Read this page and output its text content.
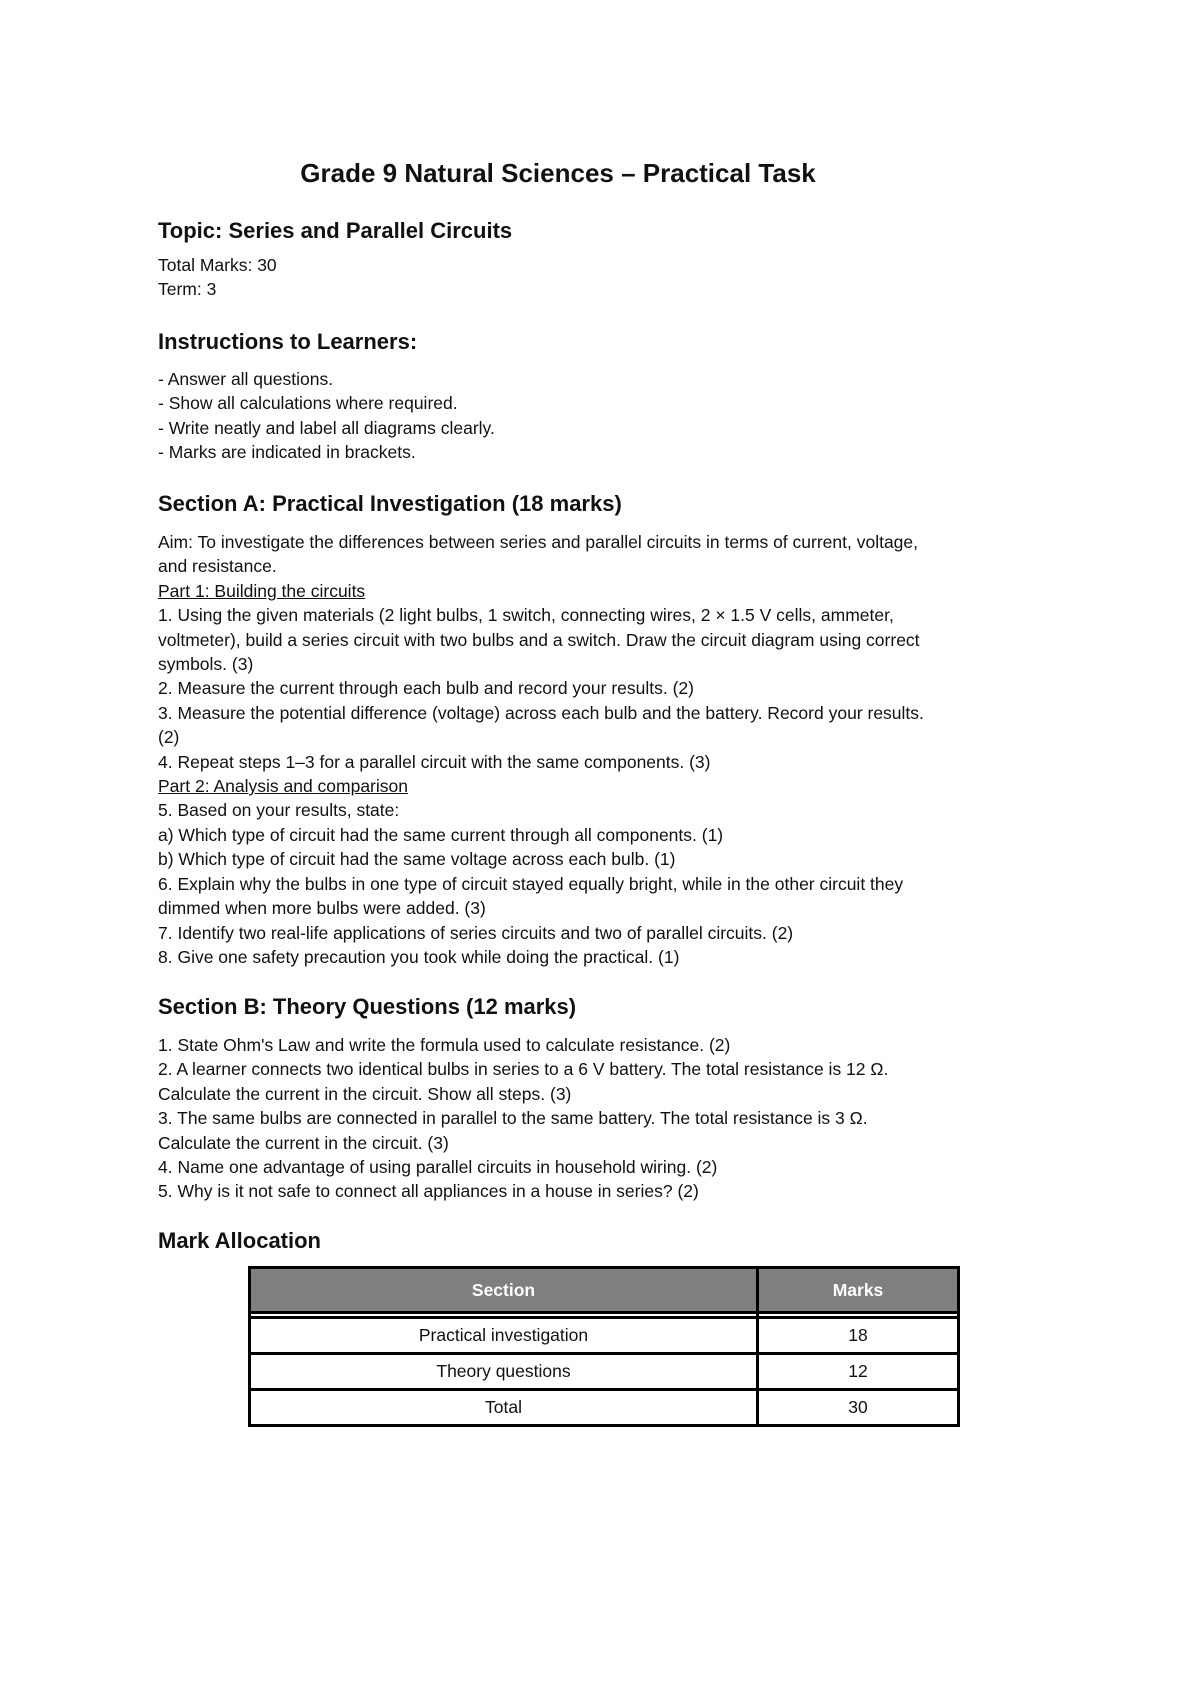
Grade 9 Natural Sciences – Practical Task
Topic: Series and Parallel Circuits
Total Marks: 30
Term: 3
Instructions to Learners:
- Answer all questions.
- Show all calculations where required.
- Write neatly and label all diagrams clearly.
- Marks are indicated in brackets.
Section A: Practical Investigation (18 marks)
Aim: To investigate the differences between series and parallel circuits in terms of current, voltage,
and resistance.
Part 1: Building the circuits
1. Using the given materials (2 light bulbs, 1 switch, connecting wires, 2 × 1.5 V cells, ammeter,
voltmeter), build a series circuit with two bulbs and a switch. Draw the circuit diagram using correct
symbols. (3)
2. Measure the current through each bulb and record your results. (2)
3. Measure the potential difference (voltage) across each bulb and the battery. Record your results.
(2)
4. Repeat steps 1–3 for a parallel circuit with the same components. (3)
Part 2: Analysis and comparison
5. Based on your results, state:
a) Which type of circuit had the same current through all components. (1)
b) Which type of circuit had the same voltage across each bulb. (1)
6. Explain why the bulbs in one type of circuit stayed equally bright, while in the other circuit they
dimmed when more bulbs were added. (3)
7. Identify two real-life applications of series circuits and two of parallel circuits. (2)
8. Give one safety precaution you took while doing the practical. (1)
Section B: Theory Questions (12 marks)
1. State Ohm's Law and write the formula used to calculate resistance. (2)
2. A learner connects two identical bulbs in series to a 6 V battery. The total resistance is 12 Ω.
Calculate the current in the circuit. Show all steps. (3)
3. The same bulbs are connected in parallel to the same battery. The total resistance is 3 Ω.
Calculate the current in the circuit. (3)
4. Name one advantage of using parallel circuits in household wiring. (2)
5. Why is it not safe to connect all appliances in a house in series? (2)
Mark Allocation
Section	Marks

Practical investigation	18
Theory questions	12
Total	30
